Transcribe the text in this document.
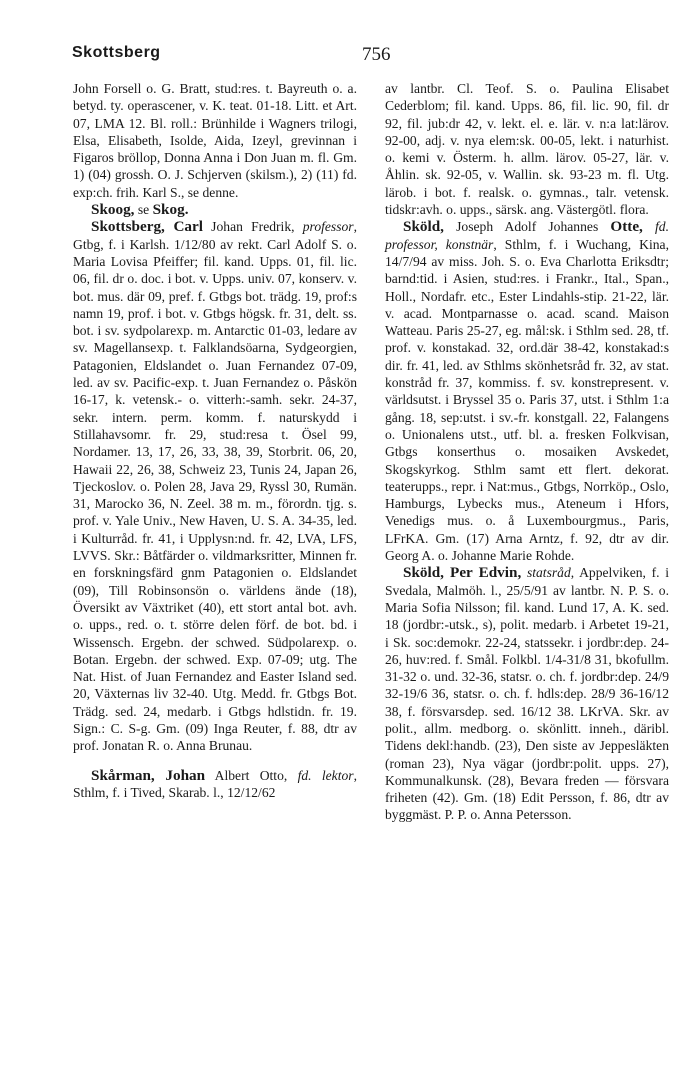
Skottsberg	756

John Forsell o. G. Bratt, stud:res. t. Bayreuth o. a. betyd. ty. operascener, v. K. teat. 01-18. Litt. et Art. 07, LMA 12. Bl. roll.: Brünhilde i Wagners trilogi, Elsa, Elisabeth, Isolde, Aida, Izeyl, grevinnan i Figaros bröllop, Donna Anna i Don Juan m. fl. Gm. 1) (04) grossh. O. J. Schjerven (skilsm.), 2) (11) fd. exp:ch. frih. Karl S., se denne.

Skoog, se Skog.

Skottsberg, Carl Johan Fredrik, professor, Gtbg, f. i Karlsh. 1/12/80 av rekt. Carl Adolf S. o. Maria Lovisa Pfeiffer; fil. kand. Upps. 01, fil. lic. 06, fil. dr o. doc. i bot. v. Upps. univ. 07, konserv. v. bot. mus. där 09, pref. f. Gtbgs bot. trädg. 19, prof:s namn 19, prof. i bot. v. Gtbgs högsk. fr. 31, delt. ss. bot. i sv. sydpolarexp. m. Antarctic 01-03, ledare av sv. Magellansexp. t. Falklandsöarna, Sydgeorgien, Patagonien, Eldslandet o. Juan Fernandez 07-09, led. av sv. Pacific-exp. t. Juan Fernandez o. Påskön 16-17, k. vetensk.- o. vitterh:-samh. sekr. 24-37, sekr. intern. perm. komm. f. naturskydd i Stillahavsomr. fr. 29, stud:resa t. Ösel 99, Nordamer. 13, 17, 26, 33, 38, 39, Storbrit. 06, 20, Hawaii 22, 26, 38, Schweiz 23, Tunis 24, Japan 26, Tjeckoslov. o. Polen 28, Java 29, Ryssl 30, Rumän. 31, Marocko 36, N. Zeel. 38 m. m., förordn. tjg. s. prof. v. Yale Univ., New Haven, U. S. A. 34-35, led. i Kulturråd. fr. 41, i Upplysn:nd. fr. 42, LVA, LFS, LVVS. Skr.: Båtfärder o. vildmarksritter, Minnen fr. en forskningsfärd gnm Patagonien o. Eldslandet (09), Till Robinsonsön o. världens ände (18), Översikt av Växtriket (40), ett stort antal bot. avh. o. upps., red. o. t. större delen förf. de bot. bd. i Wissensch. Ergebn. der schwed. Südpolarexp. o. Botan. Ergebn. der schwed. Exp. 07-09; utg. The Nat. Hist. of Juan Fernandez and Easter Island sed. 20, Växternas liv 32-40. Utg. Medd. fr. Gtbgs Bot. Trädg. sed. 24, medarb. i Gtbgs hdlstidn. fr. 19. Sign.: C. S-g. Gm. (09) Inga Reuter, f. 88, dtr av prof. Jonatan R. o. Anna Brunau.

Skårman, Johan Albert Otto, fd. lektor, Sthlm, f. i Tived, Skarab. l., 12/12/62

av lantbr. Cl. Teof. S. o. Paulina Elisabet Cederblom; fil. kand. Upps. 86, fil. lic. 90, fil. dr 92, fil. jub:dr 42, v. lekt. el. e. lär. v. n:a lat:lärov. 92-00, adj. v. nya elem:sk. 00-05, lekt. i naturhist. o. kemi v. Österm. h. allm. lärov. 05-27, lär. v. Åhlin. sk. 92-05, v. Wallin. sk. 93-23 m. fl. Utg. lärob. i bot. f. realsk. o. gymnas., talr. vetensk. tidskr:avh. o. upps., särsk. ang. Västergötl. flora.

Sköld, Joseph Adolf Johannes Otte, fd. professor, konstnär, Sthlm, f. i Wuchang, Kina, 14/7/94 av miss. Joh. S. o. Eva Charlotta Eriksdtr; barnd:tid. i Asien, stud:res. i Frankr., Ital., Span., Holl., Nordafr. etc., Ester Lindahls-stip. 21-22, lär. v. acad. Montparnasse o. acad. scand. Maison Watteau. Paris 25-27, eg. mål:sk. i Sthlm sed. 28, tf. prof. v. konstakad. 32, ord.där 38-42, konstakad:s dir. fr. 41, led. av Sthlms skönhetsråd fr. 32, av stat. konstråd fr. 37, kommiss. f. sv. konstrepresent. v. världsutst. i Bryssel 35 o. Paris 37, utst. i Sthlm 1:a gång. 18, sep:utst. i sv.-fr. konstgall. 22, Falangens o. Unionalens utst., utf. bl. a. fresken Folkvisan, Gtbgs konserthus o. mosaiken Avskedet, Skogskyrkog. Sthlm samt ett flert. dekorat. teaterupps., repr. i Nat:mus., Gtbgs, Norrköp., Oslo, Hamburgs, Lybecks mus., Ateneum i Hfors, Venedigs mus. o. å Luxembourgmus., Paris, LFrKA. Gm. (17) Arna Arntz, f. 92, dtr av dir. Georg A. o. Johanne Marie Rohde.

Sköld, Per Edvin, statsråd, Appelviken, f. i Svedala, Malmöh. l., 25/5/91 av lantbr. N. P. S. o. Maria Sofia Nilsson; fil. kand. Lund 17, A. K. sed. 18 (jordbr:-utsk., s), polit. medarb. i Arbetet 19-21, i Sk. soc:demokr. 22-24, statssekr. i jordbr:dep. 24-26, huv:red. f. Smål. Folkbl. 1/4-31/8 31, bkofullm. 31-32 o. und. 32-36, statsr. o. ch. f. jordbr:dep. 24/9 32-19/6 36, statsr. o. ch. f. hdls:dep. 28/9 36-16/12 38, f. försvarsdep. sed. 16/12 38. LKrVA. Skr. av polit., allm. medborg. o. skönlitt. inneh., däribl. Tidens dekl:handb. (23), Den siste av Jeppesläkten (roman 23), Nya vägar (jordbr:polit. upps. 27), Kommunalkunsk. (28), Bevara freden — försvara friheten (42). Gm. (18) Edit Persson, f. 86, dtr av byggmäst. P. P. o. Anna Petersson.
